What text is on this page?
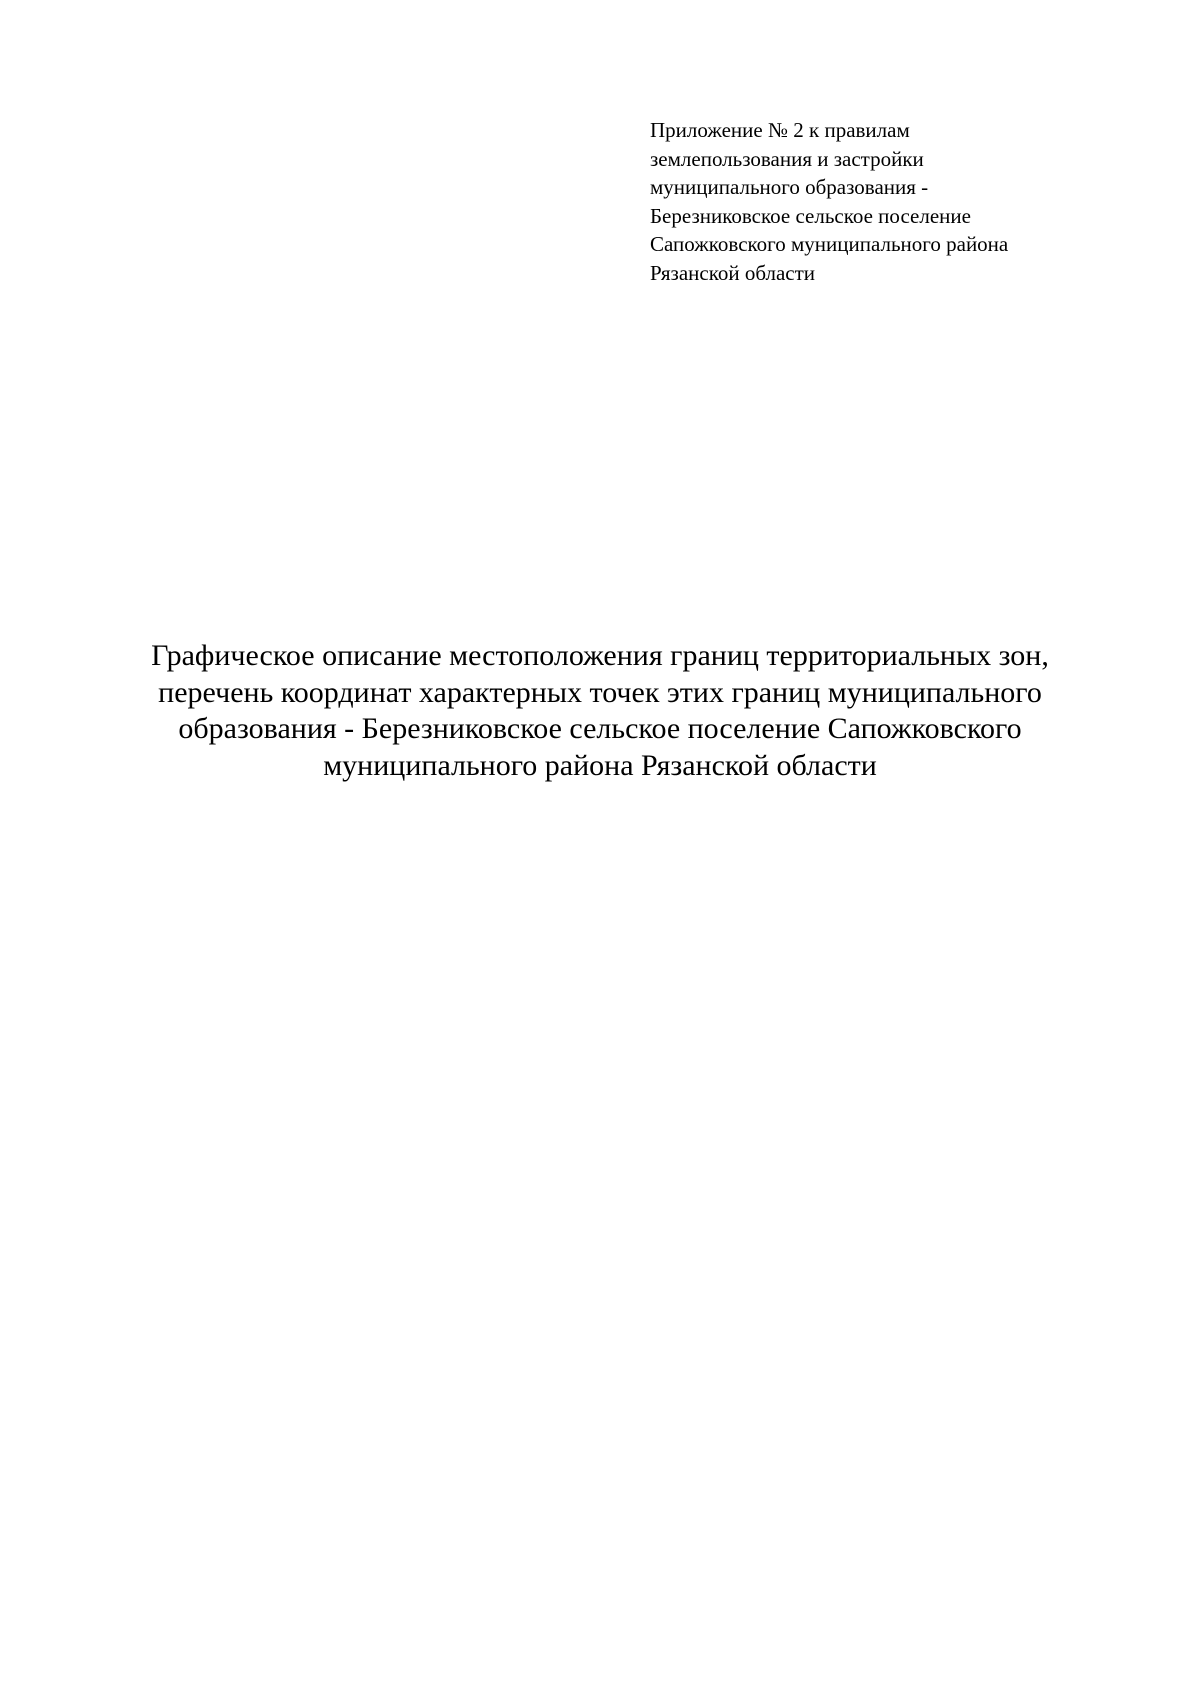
Приложение № 2 к правилам
землепользования и застройки
муниципального образования -
Березниковское сельское поселение
Сапожковского муниципального района
Рязанской области
Графическое описание местоположения границ территориальных зон,
перечень координат характерных точек этих границ муниципального
образования - Березниковское сельское поселение Сапожковского
муниципального района Рязанской области
